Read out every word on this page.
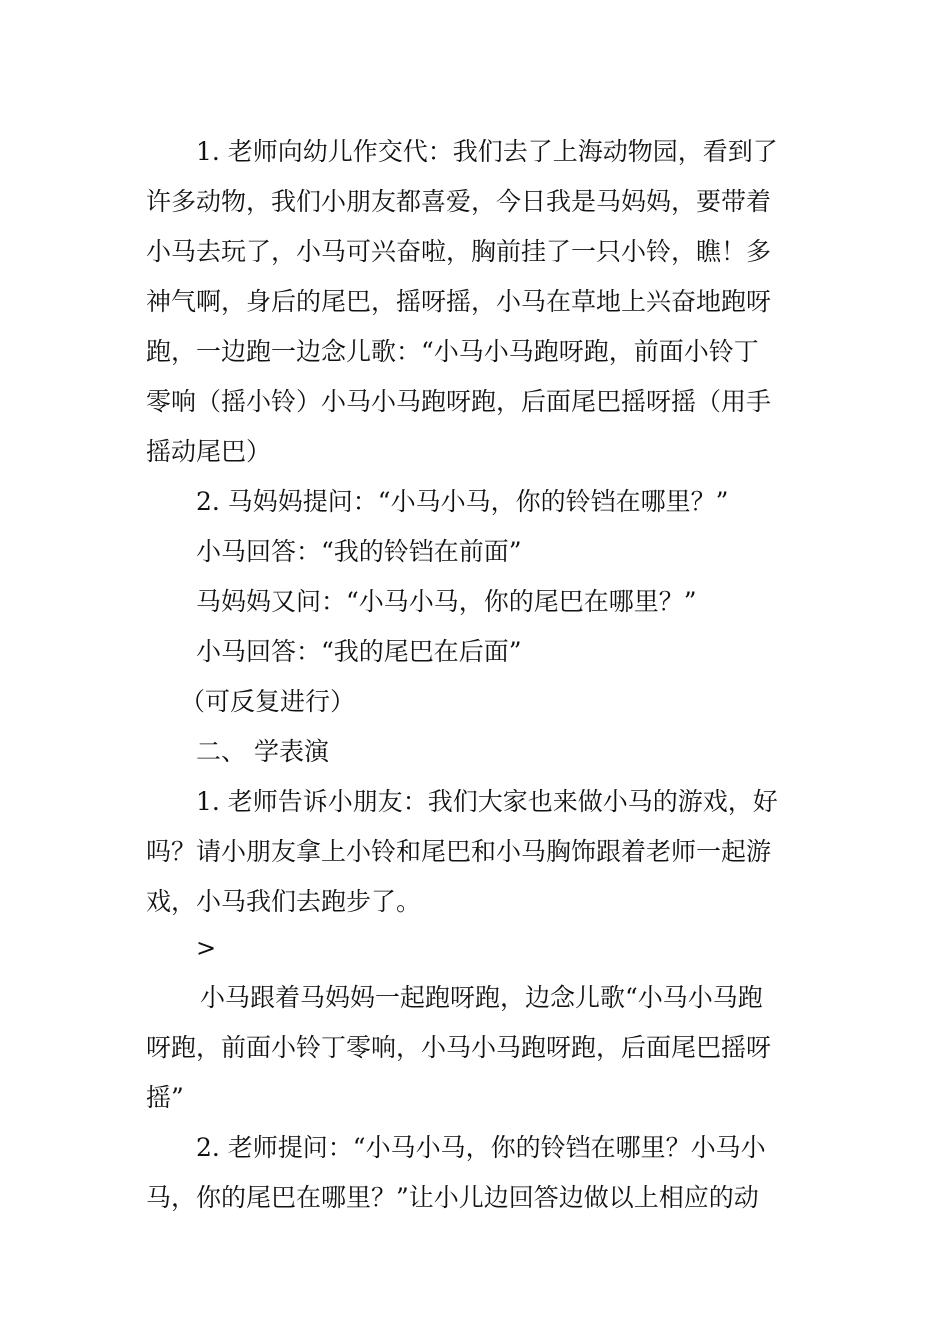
1. 老师向幼儿作交代：我们去了上海动物园，看到了
许多动物，我们小朋友都喜爱，今日我是马妈妈，要带着
小马去玩了，小马可兴奋啦，胸前挂了一只小铃，瞧！多
神气啊，身后的尾巴，摇呀摇，小马在草地上兴奋地跑呀
跑，一边跑一边念儿歌：“小马小马跑呀跑，前面小铃丁
零响（摇小铃）小马小马跑呀跑，后面尾巴摇呀摇（用手
摇动尾巴）
2. 马妈妈提问：“小马小马，你的铃铛在哪里？”
小马回答：“我的铃铛在前面”
马妈妈又问：“小马小马，你的尾巴在哪里？”
小马回答：“我的尾巴在后面”
（可反复进行）
二、 学表演
1. 老师告诉小朋友：我们大家也来做小马的游戏，好
吗？请小朋友拿上小铃和尾巴和小马胸饰跟着老师一起游
戏，小马我们去跑步了。
>
小马跟着马妈妈一起跑呀跑，边念儿歌“小马小马跑
呀跑，前面小铃丁零响，小马小马跑呀跑，后面尾巴摇呀
摇”
2. 老师提问：“小马小马，你的铃铛在哪里？小马小
马，你的尾巴在哪里？”让小儿边回答边做以上相应的动
